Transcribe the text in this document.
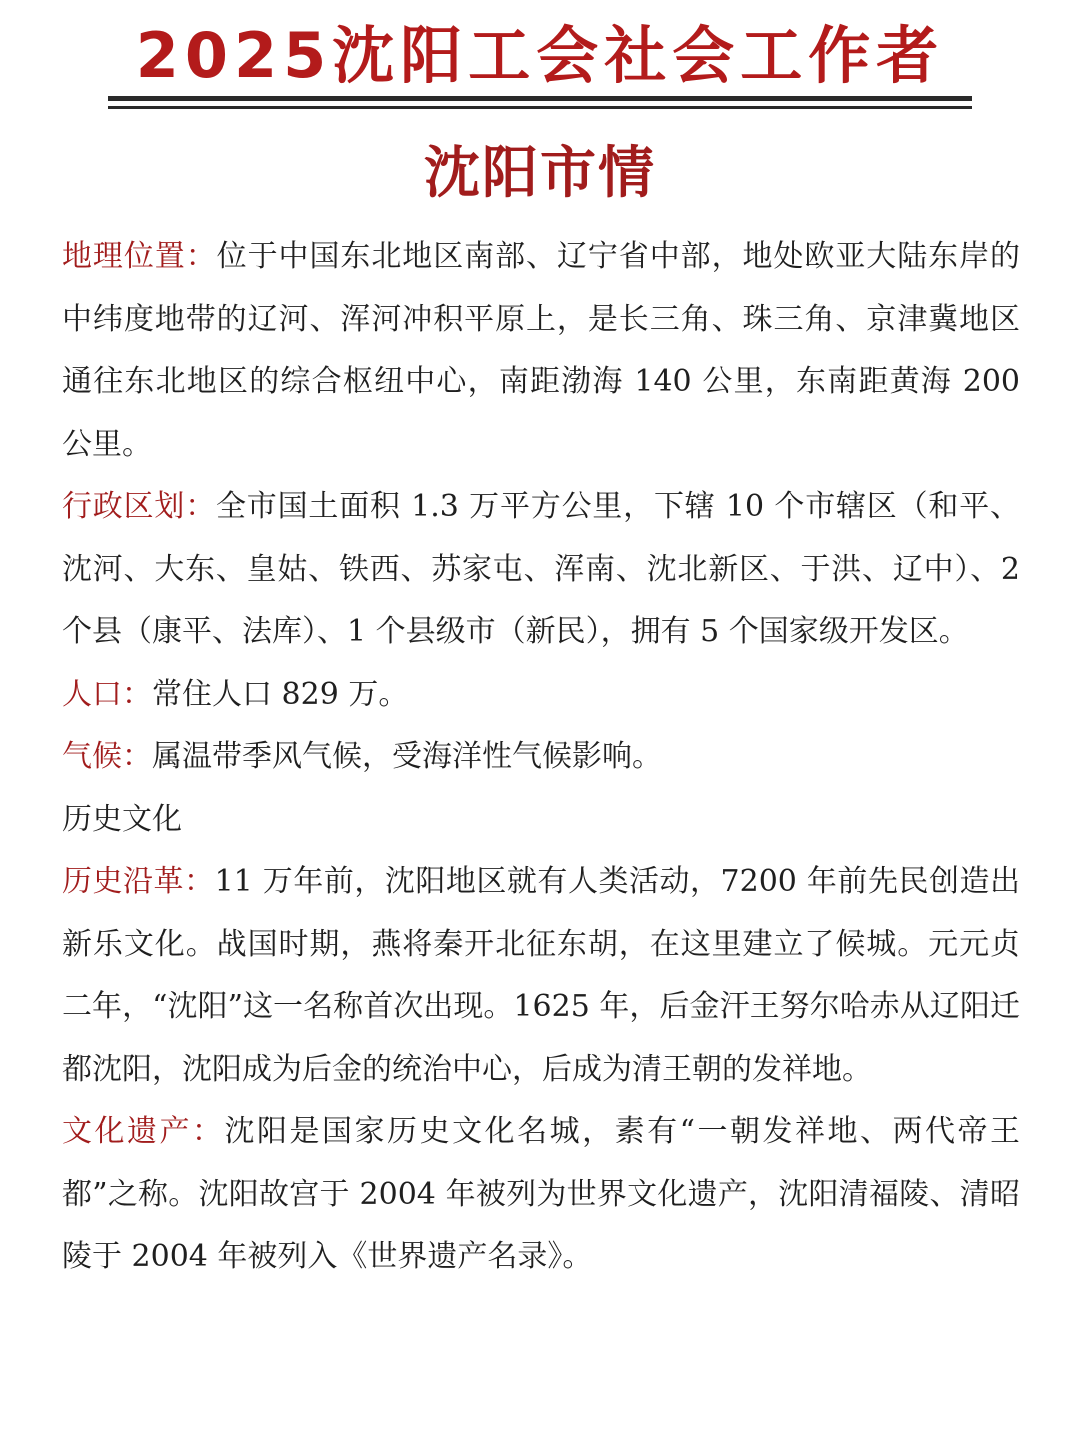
2025沈阳工会社会工作者
沈阳市情

地理位置：位于中国东北地区南部、辽宁省中部，地处欧亚大陆东岸的中纬度地带的辽河、浑河冲积平原上，是长三角、珠三角、京津冀地区通往东北地区的综合枢纽中心，南距渤海 140 公里，东南距黄海 200 公里。

行政区划：全市国土面积 1.3 万平方公里，下辖 10 个市辖区（和平、沈河、大东、皇姑、铁西、苏家屯、浑南、沈北新区、于洪、辽中）、2 个县（康平、法库）、1 个县级市（新民），拥有 5 个国家级开发区。

人口：常住人口 829 万。

气候：属温带季风气候，受海洋性气候影响。

历史文化

历史沿革：11 万年前，沈阳地区就有人类活动，7200 年前先民创造出新乐文化。战国时期，燕将秦开北征东胡，在这里建立了候城。元元贞二年，“沈阳”这一名称首次出现。1625 年，后金汗王努尔哈赤从辽阳迁都沈阳，沈阳成为后金的统治中心，后成为清王朝的发祥地。

文化遗产：沈阳是国家历史文化名城，素有“一朝发祥地、两代帝王都”之称。沈阳故宫于 2004 年被列为世界文化遗产，沈阳清福陵、清昭陵于 2004 年被列入《世界遗产名录》。
